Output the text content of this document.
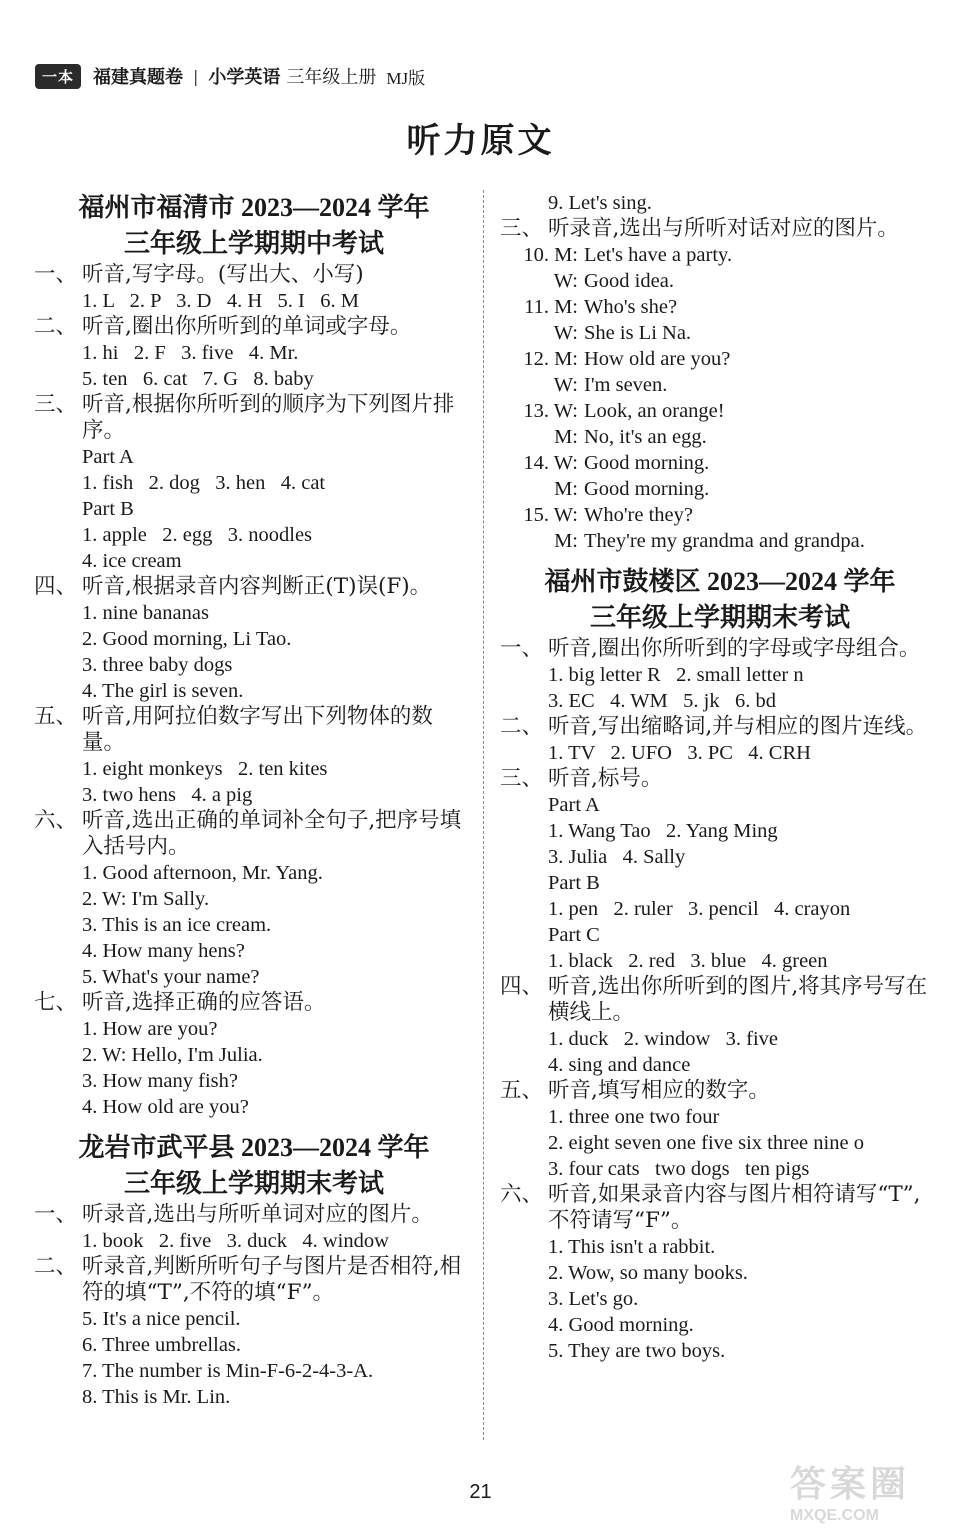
一本	福建真题卷 | 小学英语 三年级上册 MJ版
听力原文
福州市福清市 2023—2024 学年
三年级上学期期中考试
一、 听音,写字母。(写出大、小写)
1. L   2. P   3. D   4. H   5. I   6. M
二、 听音,圈出你所听到的单词或字母。
1. hi   2. F   3. five   4. Mr.
5. ten   6. cat   7. G   8. baby
三、 听音,根据你所听到的顺序为下列图片排序。
Part A
1. fish   2. dog   3. hen   4. cat
Part B
1. apple   2. egg   3. noodles
4. ice cream
四、 听音,根据录音内容判断正(T)误(F)。
1. nine bananas
2. Good morning, Li Tao.
3. three baby dogs
4. The girl is seven.
五、 听音,用阿拉伯数字写出下列物体的数量。
1. eight monkeys   2. ten kites
3. two hens   4. a pig
六、 听音,选出正确的单词补全句子,把序号填入括号内。
1. Good afternoon, Mr. Yang.
2. W: I'm Sally.
3. This is an ice cream.
4. How many hens?
5. What's your name?
七、 听音,选择正确的应答语。
1. How are you?
2. W: Hello, I'm Julia.
3. How many fish?
4. How old are you?
龙岩市武平县 2023—2024 学年
三年级上学期期末考试
一、 听录音,选出与所听单词对应的图片。
1. book   2. five   3. duck   4. window
二、 听录音,判断所听句子与图片是否相符,相符的填“T”,不符的填“F”。
5. It's a nice pencil.
6. Three umbrellas.
7. The number is Min-F-6-2-4-3-A.
8. This is Mr. Lin.
9. Let's sing.
三、 听录音,选出与所听对话对应的图片。
10. M: Let's have a party.
W: Good idea.
11. M: Who's she?
W: She is Li Na.
12. M: How old are you?
W: I'm seven.
13. W: Look, an orange!
M: No, it's an egg.
14. W: Good morning.
M: Good morning.
15. W: Who're they?
M: They're my grandma and grandpa.
福州市鼓楼区 2023—2024 学年
三年级上学期期末考试
一、 听音,圈出你所听到的字母或字母组合。
1. big letter R   2. small letter n
3. EC   4. WM   5. jk   6. bd
二、 听音,写出缩略词,并与相应的图片连线。
1. TV   2. UFO   3. PC   4. CRH
三、 听音,标号。
Part A
1. Wang Tao   2. Yang Ming
3. Julia   4. Sally
Part B
1. pen   2. ruler   3. pencil   4. crayon
Part C
1. black   2. red   3. blue   4. green
四、 听音,选出你所听到的图片,将其序号写在横线上。
1. duck   2. window   3. five
4. sing and dance
五、 听音,填写相应的数字。
1. three one two four
2. eight seven one five six three nine o
3. four cats   two dogs   ten pigs
六、 听音,如果录音内容与图片相符请写“T”,不符请写“F”。
1. This isn't a rabbit.
2. Wow, so many books.
3. Let's go.
4. Good morning.
5. They are two boys.
21	答案圈
MXQE.COM
